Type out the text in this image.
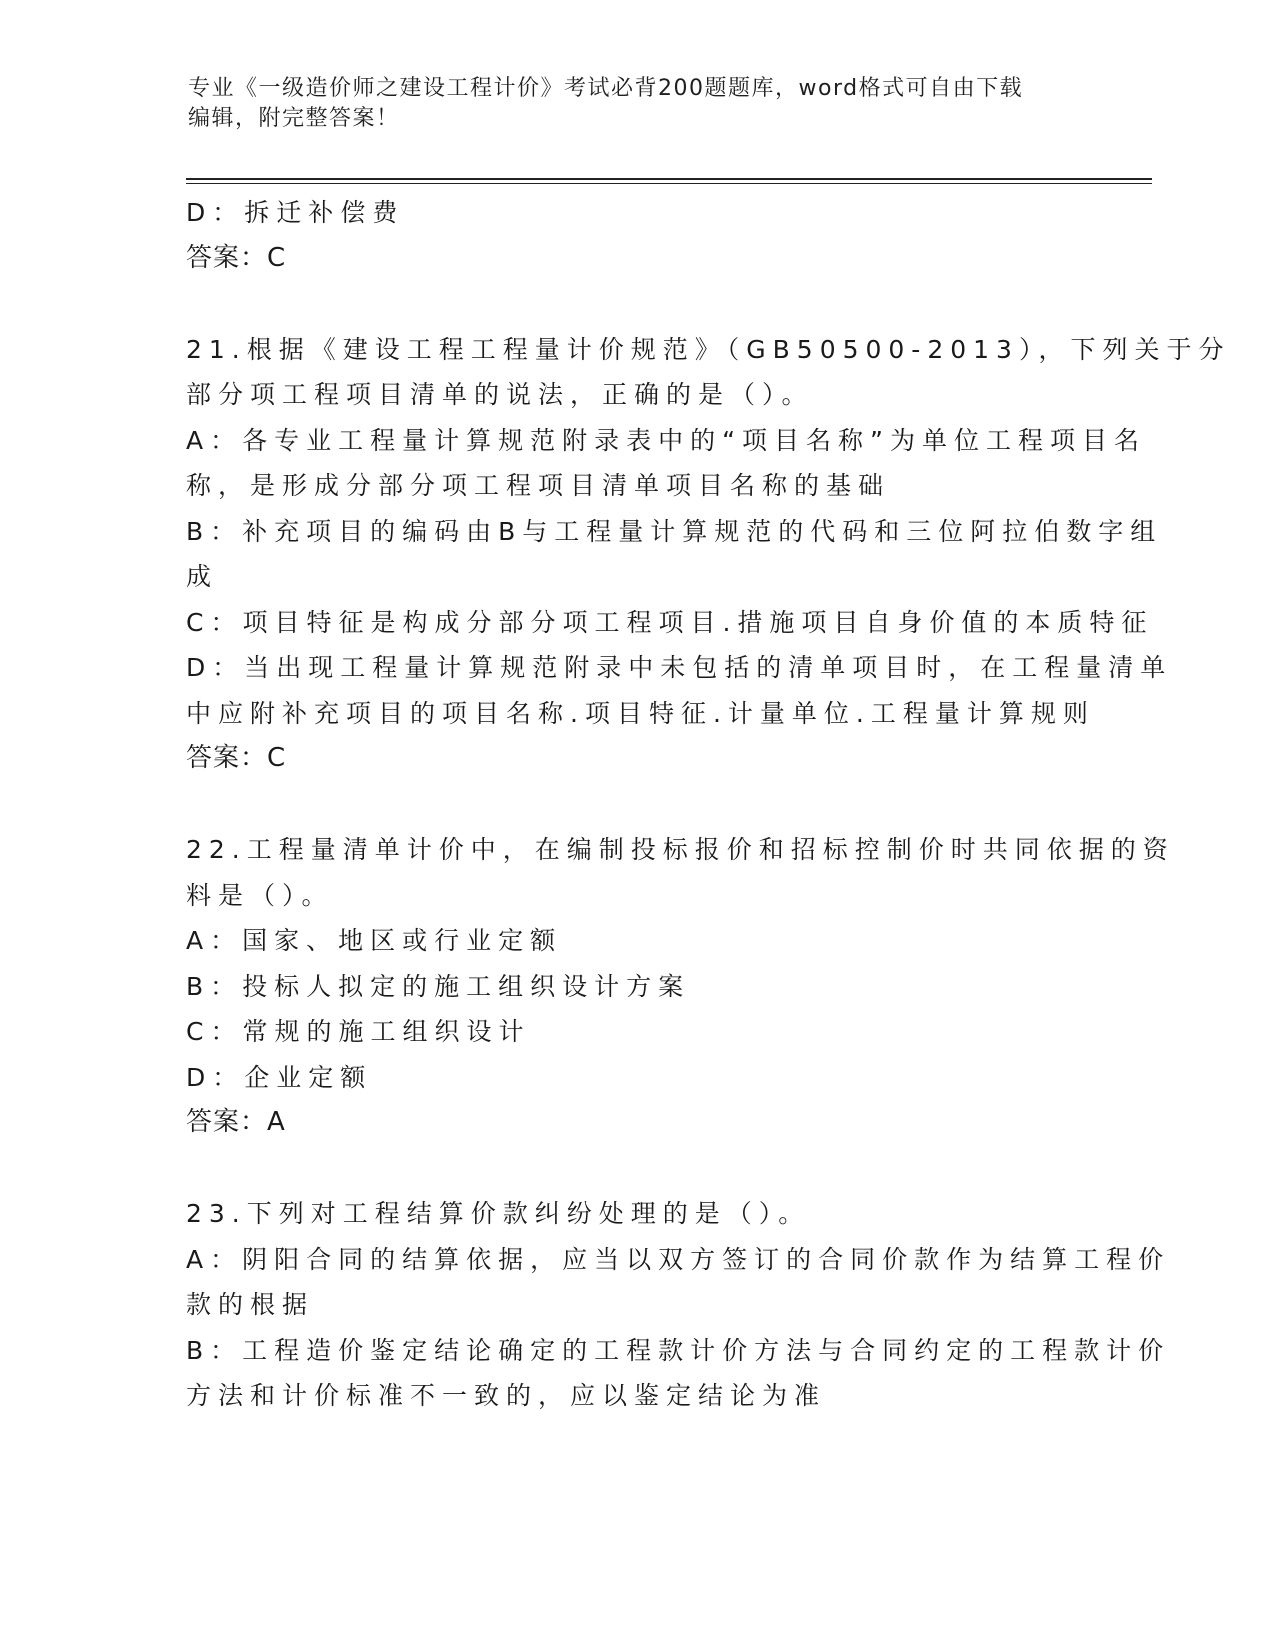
专业《一级造价师之建设工程计价》考试必背200题题库，word格式可自由下载
编辑，附完整答案！

D：拆迁补偿费

答案：C

21.根据《建设工程工程量计价规范》（GB50500-2013），下列关于分

部分项工程项目清单的说法，正确的是（）。

A：各专业工程量计算规范附录表中的“项目名称”为单位工程项目名

称，是形成分部分项工程项目清单项目名称的基础

B：补充项目的编码由B与工程量计算规范的代码和三位阿拉伯数字组

成

C：项目特征是构成分部分项工程项目.措施项目自身价值的本质特征

D：当出现工程量计算规范附录中未包括的清单项目时，在工程量清单

中应附补充项目的项目名称.项目特征.计量单位.工程量计算规则

答案：C

22.工程量清单计价中，在编制投标报价和招标控制价时共同依据的资

料是（）。

A：国家、地区或行业定额

B：投标人拟定的施工组织设计方案

C：常规的施工组织设计

D：企业定额

答案：A

23.下列对工程结算价款纠纷处理的是（）。

A：阴阳合同的结算依据，应当以双方签订的合同价款作为结算工程价

款的根据

B：工程造价鉴定结论确定的工程款计价方法与合同约定的工程款计价

方法和计价标准不一致的，应以鉴定结论为准
